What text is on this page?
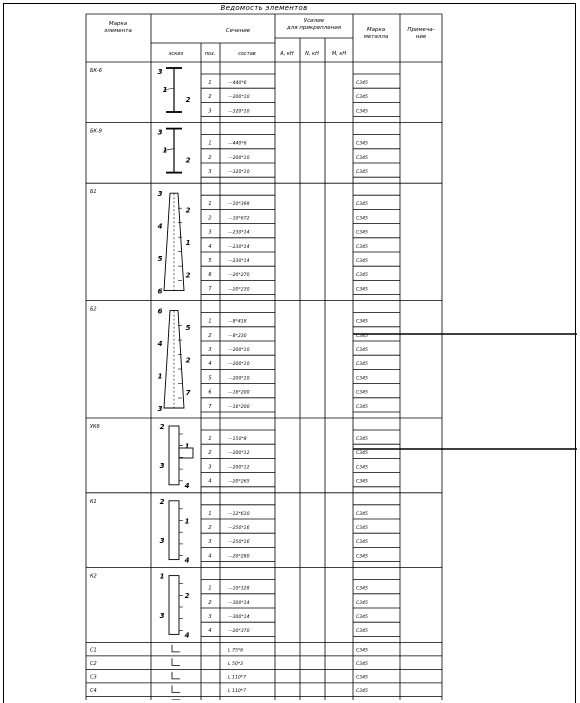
Ведомость элементов
Марка
элемента	Сечение
Усилие
для прикрепления	Марка
металла
Примеча-
ние
эскиз	поз.	состав	А, кН N, кН	М, кН
БК-6
1	—440*6	С345
2	—200*10	С345
3	—320*10	С345
БК-9
1	—440*6	С345
2	—200*10	С345
3	—320*10	С345
Б1
1	—10*399	С345
2	—10*672	С345
3	—230*14	С345
4	—230*14	С345
5	—230*14	С345
6	—20*270	С345
7	—20*230	С345
Б2
1	—8*418	С345
2	—8*230	С345
3	—200*10	С345
4	—200*10	С345
5	—200*10	С345
6	—16*200	С345
7	—16*200	С345
УКб
1	—150*8	С345
2	—200*12	С345
3	—200*12	С345
4	—20*265	С345
К1
1	—12*610	С345
2	—250*16	С345
3	—250*16	С345
4	—20*280	С345
К2
1	—10*328	С345
2	—300*14	С345
3	—300*14	С345
4	—20*370	С345
С1	L 75*6	С345
С2	L 50*3	С345
С3	L 110*7	С345
С4	L 110*7	С345
3
1
2
3
1
2
3
2
4
1
5
2
6
6
5
4
2
1
7
3
2
1
3
4
2
1
3
4
1
2
3
4
